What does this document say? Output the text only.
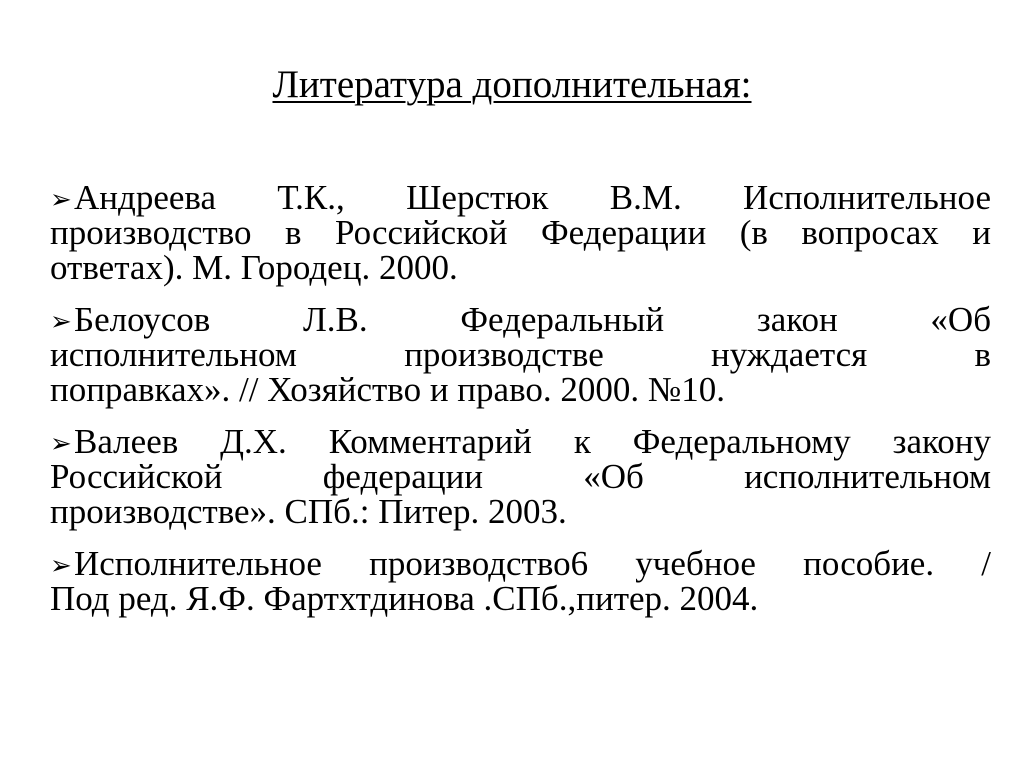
Литература дополнительная:
➢Андреева Т.К., Шерстюк В.М. Исполнительное
производство в Российской Федерации (в вопросах и
ответах). М. Городец. 2000.
➢Белоусов Л.В. Федеральный закон «Об
исполнительном производстве нуждается в
поправках». // Хозяйство и право. 2000. №10.
➢Валеев Д.Х. Комментарий к Федеральному закону
Российской федерации «Об исполнительном
производстве». СПб.: Питер. 2003.
➢Исполнительное производство6 учебное пособие. /
Под ред. Я.Ф. Фартхтдинова .СПб.,питер. 2004.
